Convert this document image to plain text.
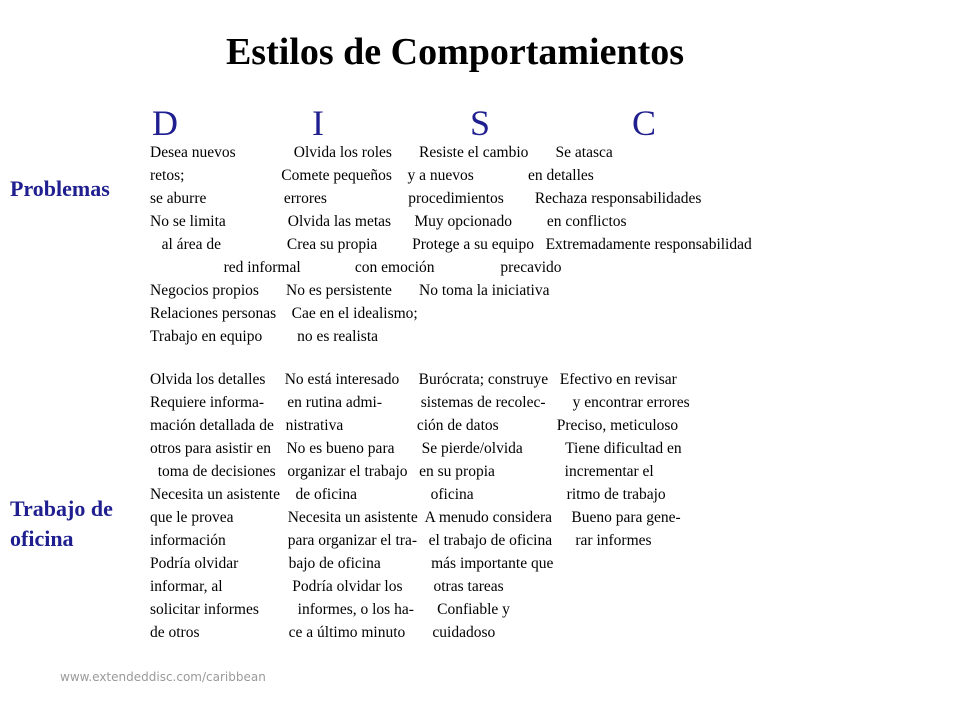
Estilos de Comportamientos
Problemas
Trabajo de
oficina
D	I	S	C
Desea nuevos               Olvida los roles       Resiste el cambio       Se atasca
retos;                         Comete pequeños    y a nuevos              en detalles
se aburre                    errores                     procedimientos        Rechaza responsabilidades
No se limita                Olvida las metas      Muy opcionado         en conflictos
al área de                 Crea su propia         Protege a su equipo   Extremadamente responsabilidad
red informal              con emoción                 precavido
Negocios propios       No es persistente       No toma la iniciativa
Relaciones personas    Cae en el idealismo;
Trabajo en equipo         no es realista
Olvida los detalles     No está interesado     Burócrata; construye   Efectivo en revisar
Requiere informa-      en rutina admi-          sistemas de recolec-       y encontrar errores
mación detallada de   nistrativa                   ción de datos               Preciso, meticuloso
otros para asistir en    No es bueno para       Se pierde/olvida           Tiene dificultad en
toma de decisiones   organizar el trabajo   en su propia                  incrementar el
Necesita un asistente    de oficina                   oficina                        ritmo de trabajo
que le provea              Necesita un asistente  A menudo considera     Bueno para gene-
información                para organizar el tra-   el trabajo de oficina      rar informes
Podría olvidar             bajo de oficina             más importante que
informar, al                  Podría olvidar los        otras tareas
solicitar informes          informes, o los ha-      Confiable y
de otros                       ce a último minuto       cuidadoso
www.extendeddisc.com/caribbean
